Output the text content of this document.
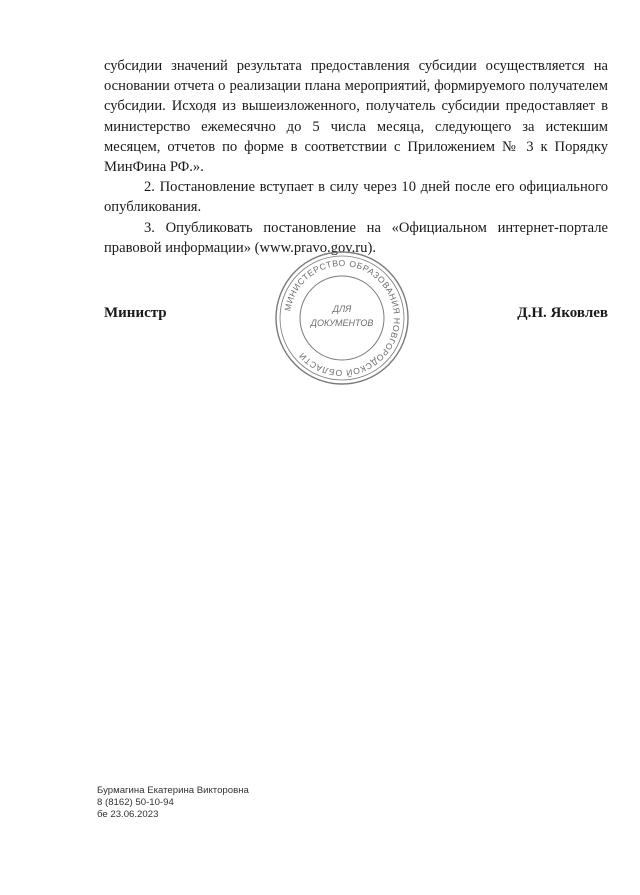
субсидии значений результата предоставления субсидии осуществляется на основании отчета о реализации плана мероприятий, формируемого получателем субсидии. Исходя из вышеизложенного, получатель субсидии предоставляет в министерство ежемесячно до 5 числа месяца, следующего за истекшим месяцем, отчетов по форме в соответствии с Приложением № 3 к Порядку МинФина РФ.».

2. Постановление вступает в силу через 10 дней после его официального опубликования.

3. Опубликовать постановление на «Официальном интернет-портале правовой информации» (www.pravo.gov.ru).

МИНИСТЕРСТВО ОБРАЗОВАНИЯ НОВГОРОДСКОЙ ОБЛАСТИ
ДЛЯ
ДОКУМЕНТОВ
Министр	Д.Н. Яковлев
Бурмагина Екатерина Викторовна
8 (8162) 50-10-94
бе 23.06.2023
